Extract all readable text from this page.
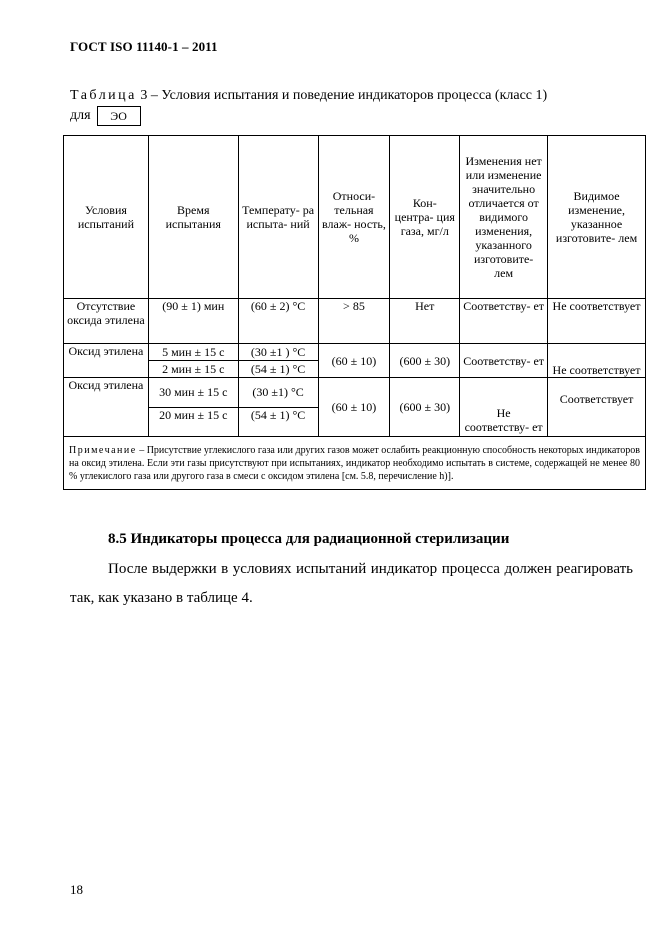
ГОСТ ISO 11140-1 – 2011
Таблица 3 – Условия испытания и поведение индикаторов процесса (класс 1)
для ЭО
Условия испытаний	Время испытания	Температу- ра испыта- ний	Относи- тельная влаж- ность, %	Кон- центра- ция газа, мг/л	Изменения нет или изменение значительно отличается от видимого изменения, указанного изготовите- лем	Видимое изменение, указанное изготовите- лем
Отсутствие оксида этилена	(90 ± 1) мин	(60 ± 2) °С	> 85	Нет	Соответству- ет	Не соответствует
Оксид этилена	5 мин ± 15 с	(30 ±1 ) °С	(60 ± 10)	(600 ± 30)	Соответству- ет	Не соответствует
	2 мин ± 15 с	(54 ± 1) °С				
Оксид этилена	30 мин ± 15 с	(30 ±1) °С	(60 ± 10)	(600 ± 30)	Не соответству- ет	Соответствует
	20 мин ± 15 с	(54 ± 1) °С				
Примечание – Присутствие углекислого газа или других газов может ослабить реакционную способность некоторых индикаторов на оксид этилена. Если эти газы присутствуют при испытаниях, индикатор необходимо испытать в системе, содержащей не менее 80 % углекислого газа или другого газа в смеси с оксидом этилена [см. 5.8, перечисление h)].						
8.5 Индикаторы процесса для радиационной стерилизации
После выдержки в условиях испытаний индикатор процесса должен реагировать так, как указано в таблице 4.
18
